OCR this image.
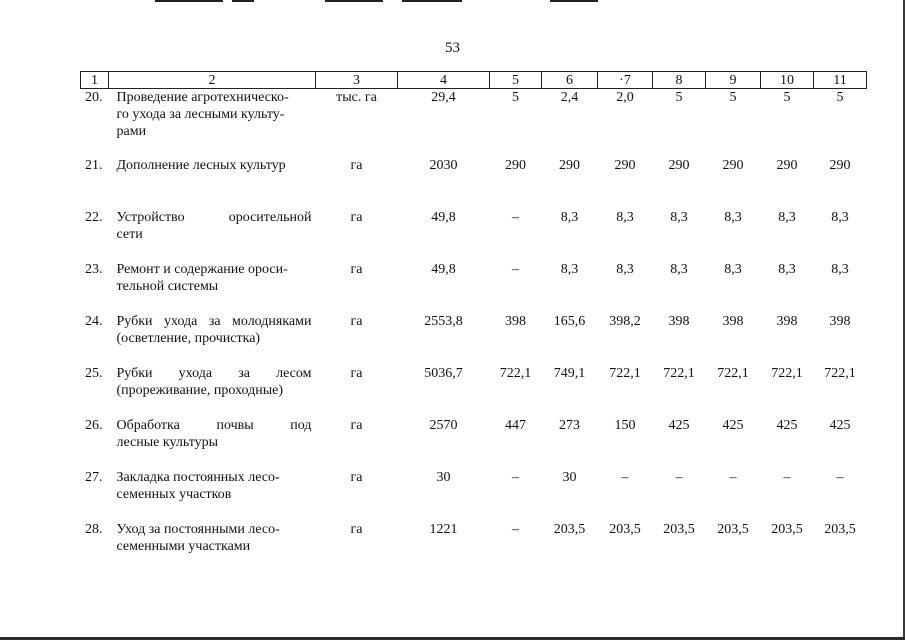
53
1	2	3	4	5	6	·7	8	9	10	11
20.	Проведение агротехническо-
го ухода за лесными культу-
рами	тыс. га	29,4	5	2,4	2,0	5	5	5	5
21.	Дополнение лесных культур	га	2030	290	290	290	290	290	290	290
22.	Устройство оросительной
сети	га	49,8	–	8,3	8,3	8,3	8,3	8,3	8,3
23.	Ремонт и содержание ороси-
тельной системы	га	49,8	–	8,3	8,3	8,3	8,3	8,3	8,3
24.	Рубки ухода за молодняками
(осветление, прочистка)	га	2553,8	398	165,6	398,2	398	398	398	398
25.	Рубки ухода за лесом
(прореживание, проходные)	га	5036,7	722,1	749,1	722,1	722,1	722,1	722,1	722,1
26.	Обработка почвы под
лесные культуры	га	2570	447	273	150	425	425	425	425
27.	Закладка постоянных лесо-
семенных участков	га	30	–	30	–	–	–	–	–
28.	Уход за постоянными лесо-
семенными участками	га	1221	–	203,5	203,5	203,5	203,5	203,5	203,5
